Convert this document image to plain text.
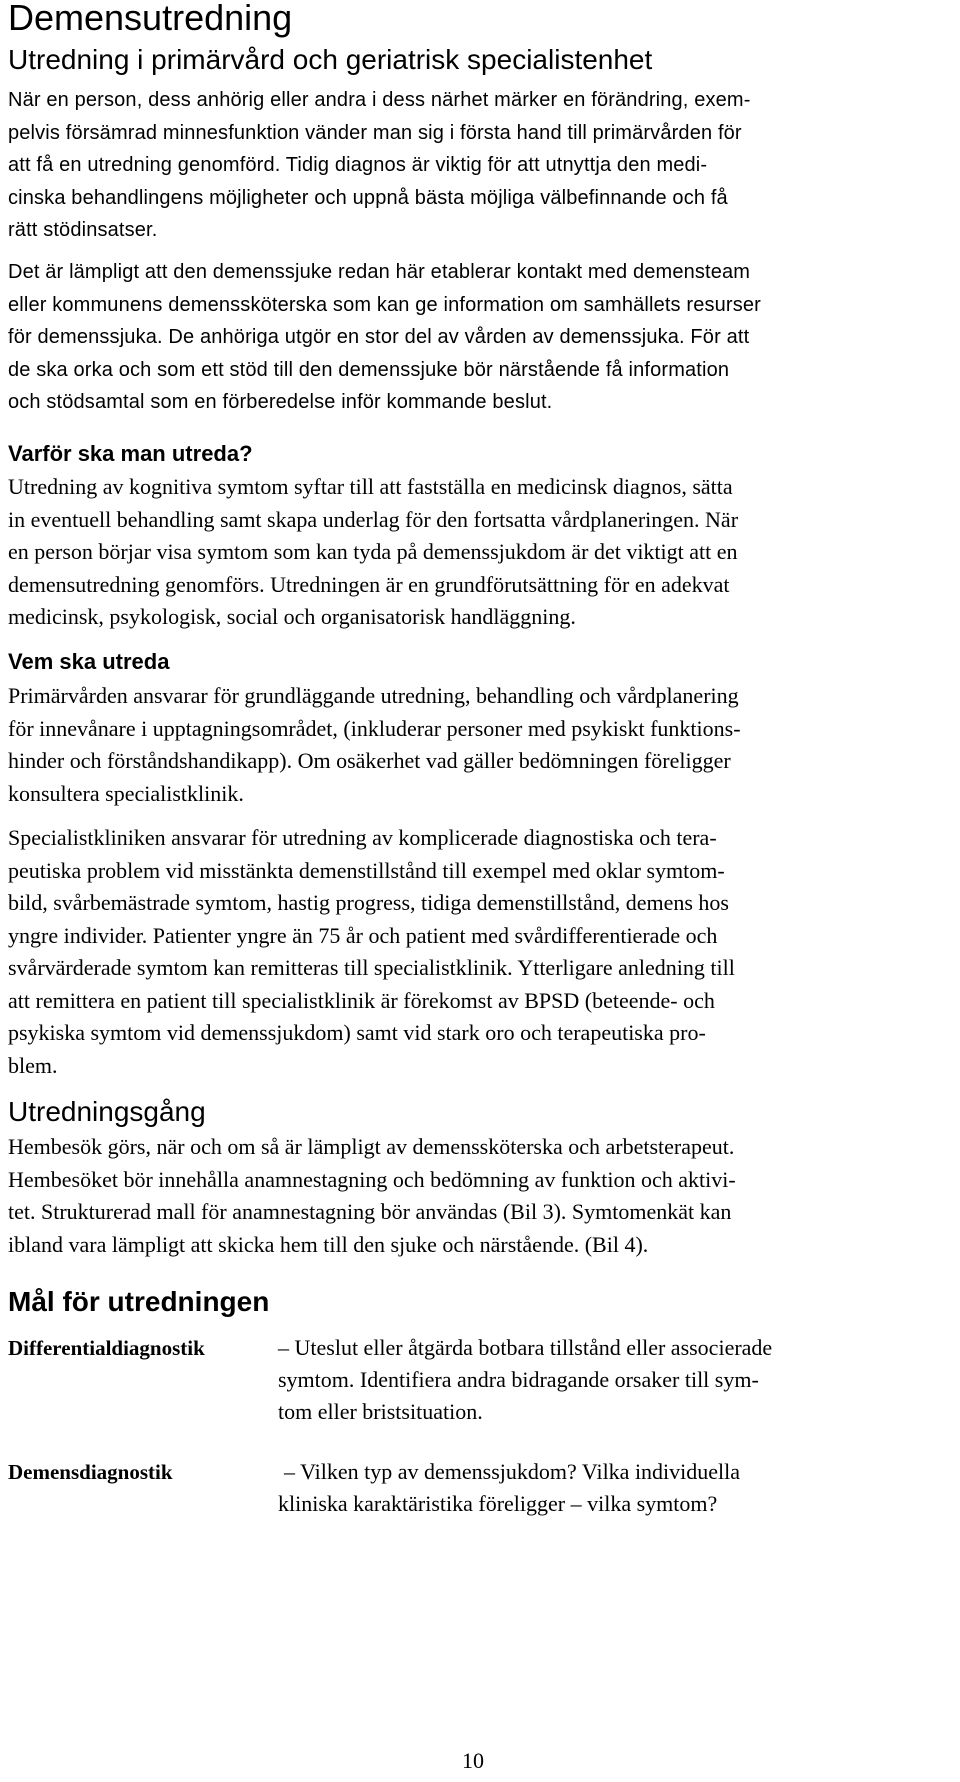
Demensutredning
Utredning i primärvård och geriatrisk specialistenhet
När en person, dess anhörig eller andra i dess närhet märker en förändring, exem-
pelvis försämrad minnesfunktion vänder man sig i första hand till primärvården för
att få en utredning genomförd. Tidig diagnos är viktig för att utnyttja den medi-
cinska behandlingens möjligheter och uppnå bästa möjliga välbefinnande och få
rätt stödinsatser.
Det är lämpligt att den demenssjuke redan här etablerar kontakt med demensteam
eller kommunens demenssköterska som kan ge information om samhällets resurser
för demenssjuka. De anhöriga utgör en stor del av vården av demenssjuka. För att
de ska orka och som ett stöd till den demenssjuke bör närstående få information
och stödsamtal som en förberedelse inför kommande beslut.
Varför ska man utreda?
Utredning av kognitiva symtom syftar till att fastställa en medicinsk diagnos, sätta
in eventuell behandling samt skapa underlag för den fortsatta vårdplaneringen. När
en person börjar visa symtom som kan tyda på demenssjukdom är det viktigt att en
demensutredning genomförs. Utredningen är en grundförutsättning för en adekvat
medicinsk, psykologisk, social och organisatorisk handläggning.
Vem ska utreda
Primärvården ansvarar för grundläggande utredning, behandling och vårdplanering
för innevånare i upptagningsområdet, (inkluderar personer med psykiskt funktions-
hinder och förståndshandikapp). Om osäkerhet vad gäller bedömningen föreligger
konsultera specialistklinik.
Specialistkliniken ansvarar för utredning av komplicerade diagnostiska och tera-
peutiska problem vid misstänkta demenstillstånd till exempel med oklar symtom-
bild, svårbemästrade symtom, hastig progress, tidiga demenstillstånd, demens hos
yngre individer. Patienter yngre än 75 år och patient med svårdifferentierade och
svårvärderade symtom kan remitteras till specialistklinik. Ytterligare anledning till
att remittera en patient till specialistklinik är förekomst av BPSD (beteende- och
psykiska symtom vid demenssjukdom) samt vid stark oro och terapeutiska pro-
blem.
Utredningsgång
Hembesök görs, när och om så är lämpligt av demenssköterska och arbetsterapeut.
Hembesöket bör innehålla anamnestagning och bedömning av funktion och aktivi-
tet. Strukturerad mall för anamnestagning bör användas (Bil 3). Symtomenkät kan
ibland vara lämpligt att skicka hem till den sjuke och närstående. (Bil 4).
Mål för utredningen
Differentialdiagnostik	– Uteslut eller åtgärda botbara tillstånd eller associerade
symtom. Identifiera andra bidragande orsaker till sym-
tom eller bristsituation.
Demensdiagnostik	– Vilken typ av demenssjukdom? Vilka individuella
kliniska karaktäristika föreligger – vilka symtom?
10
